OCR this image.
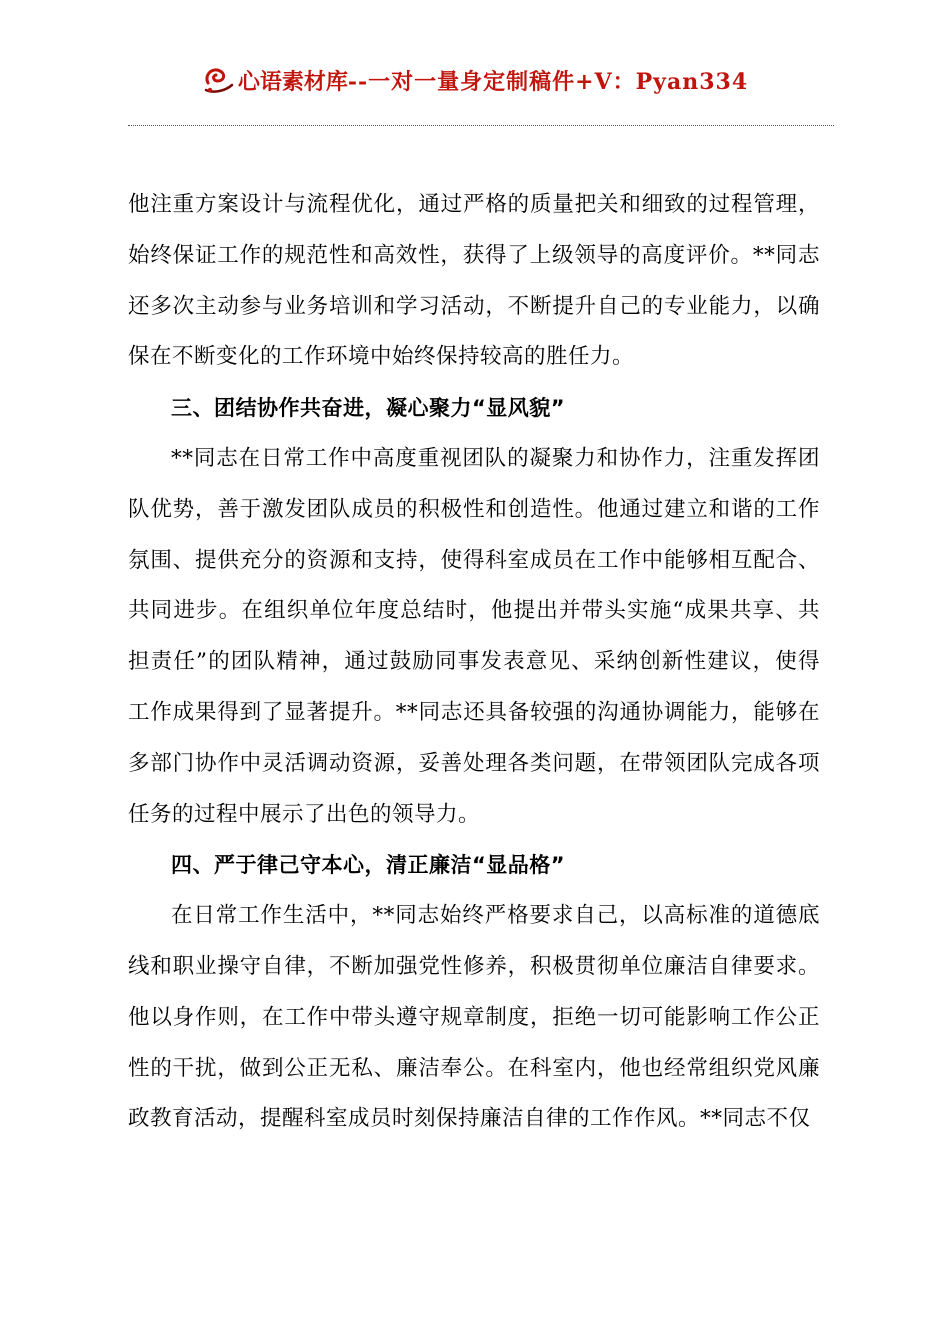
心语素材库 --一对一量身定制稿件+V：Pyan334

他注重方案设计与流程优化，通过严格的质量把关和细致的过程管理，始终保证工作的规范性和高效性，获得了上级领导的高度评价。**同志还多次主动参与业务培训和学习活动，不断提升自己的专业能力，以确保在不断变化的工作环境中始终保持较高的胜任力。

三、团结协作共奋进，凝心聚力“显风貌”

**同志在日常工作中高度重视团队的凝聚力和协作力，注重发挥团队优势，善于激发团队成员的积极性和创造性。他通过建立和谐的工作氛围、提供充分的资源和支持，使得科室成员在工作中能够相互配合、共同进步。在组织单位年度总结时，他提出并带头实施“成果共享、共担责任”的团队精神，通过鼓励同事发表意见、采纳创新性建议，使得工作成果得到了显著提升。**同志还具备较强的沟通协调能力，能够在多部门协作中灵活调动资源，妥善处理各类问题，在带领团队完成各项任务的过程中展示了出色的领导力。

四、严于律己守本心，清正廉洁“显品格”

在日常工作生活中，**同志始终严格要求自己，以高标准的道德底线和职业操守自律，不断加强党性修养，积极贯彻单位廉洁自律要求。他以身作则，在工作中带头遵守规章制度，拒绝一切可能影响工作公正性的干扰，做到公正无私、廉洁奉公。在科室内，他也经常组织党风廉政教育活动，提醒科室成员时刻保持廉洁自律的工作作风。**同志不仅
